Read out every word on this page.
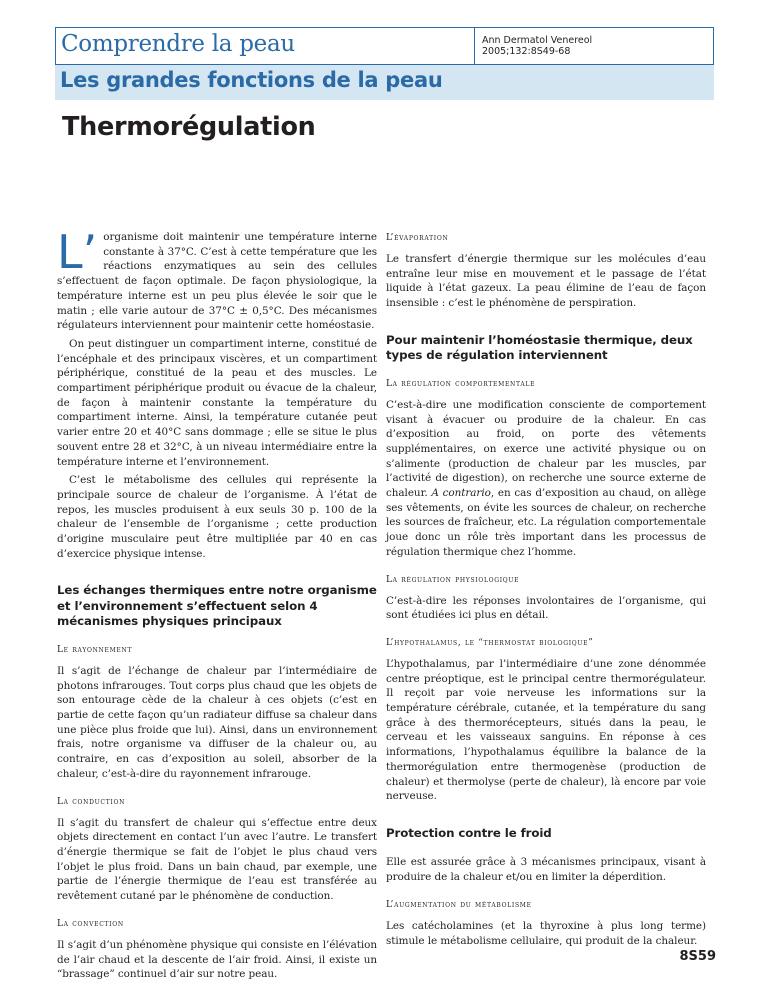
Comprendre la peau	Ann Dermatol Venereol
2005;132:8S49-68
Les grandes fonctions de la peau
Thermorégulation
L’ organisme doit maintenir une température interne constante à 37°C. C’est à cette température que les réactions enzymatiques au sein des cellules s’effectuent de façon optimale. De façon physiologique, la température interne est un peu plus élevée le soir que le matin ; elle varie autour de 37°C ± 0,5°C. Des mécanismes régulateurs interviennent pour maintenir cette homéostasie.

On peut distinguer un compartiment interne, constitué de l’encéphale et des principaux viscères, et un compartiment périphérique, constitué de la peau et des muscles. Le compartiment périphérique produit ou évacue de la chaleur, de façon à maintenir constante la température du compartiment interne. Ainsi, la température cutanée peut varier entre 20 et 40°C sans dommage ; elle se situe le plus souvent entre 28 et 32°C, à un niveau intermédiaire entre la température interne et l’environnement.

C’est le métabolisme des cellules qui représente la principale source de chaleur de l’organisme. À l’état de repos, les muscles produisent à eux seuls 30 p. 100 de la chaleur de l’ensemble de l’organisme ; cette production d’origine musculaire peut être multipliée par 40 en cas d’exercice physique intense.

Les échanges thermiques entre notre organisme et l’environnement s’effectuent selon 4 mécanismes physiques principaux
Le rayonnement

Il s’agit de l’échange de chaleur par l’intermédiaire de photons infrarouges. Tout corps plus chaud que les objets de son entourage cède de la chaleur à ces objets (c’est en partie de cette façon qu’un radiateur diffuse sa chaleur dans une pièce plus froide que lui). Ainsi, dans un environnement frais, notre organisme va diffuser de la chaleur ou, au contraire, en cas d’exposition au soleil, absorber de la chaleur, c’est-à-dire du rayonnement infrarouge.

La conduction

Il s’agit du transfert de chaleur qui s’effectue entre deux objets directement en contact l’un avec l’autre. Le transfert d’énergie thermique se fait de l’objet le plus chaud vers l’objet le plus froid. Dans un bain chaud, par exemple, une partie de l’énergie thermique de l’eau est transférée au revêtement cutané par le phénomène de conduction.

La convection

Il s’agit d’un phénomène physique qui consiste en l’élévation de l’air chaud et la descente de l’air froid. Ainsi, il existe un “brassage” continuel d’air sur notre peau.

L’évaporation

Le transfert d’énergie thermique sur les molécules d’eau entraîne leur mise en mouvement et le passage de l’état liquide à l’état gazeux. La peau élimine de l’eau de façon insensible : c’est le phénomène de perspiration.

Pour maintenir l’homéostasie thermique, deux types de régulation interviennent
La régulation comportementale

C’est-à-dire une modification consciente de comportement visant à évacuer ou produire de la chaleur. En cas d’exposition au froid, on porte des vêtements supplémentaires, on exerce une activité physique ou on s’alimente (production de chaleur par les muscles, par l’activité de digestion), on recherche une source externe de chaleur. A contrario, en cas d’exposition au chaud, on allège ses vêtements, on évite les sources de chaleur, on recherche les sources de fraîcheur, etc. La régulation comportementale joue donc un rôle très important dans les processus de régulation thermique chez l’homme.

La régulation physiologique

C’est-à-dire les réponses involontaires de l’organisme, qui sont étudiées ici plus en détail.

L’hypothalamus, le “thermostat biologique”

L’hypothalamus, par l’intermédiaire d’une zone dénommée centre préoptique, est le principal centre thermorégulateur. Il reçoit par voie nerveuse les informations sur la température cérébrale, cutanée, et la température du sang grâce à des thermorécepteurs, situés dans la peau, le cerveau et les vaisseaux sanguins. En réponse à ces informations, l’hypothalamus équilibre la balance de la thermorégulation entre thermogenèse (production de chaleur) et thermolyse (perte de chaleur), là encore par voie nerveuse.

Protection contre le froid

Elle est assurée grâce à 3 mécanismes principaux, visant à produire de la chaleur et/ou en limiter la déperdition.

L’augmentation du métabolisme

Les catécholamines (et la thyroxine à plus long terme) stimule le métabolisme cellulaire, qui produit de la chaleur.

8S59
